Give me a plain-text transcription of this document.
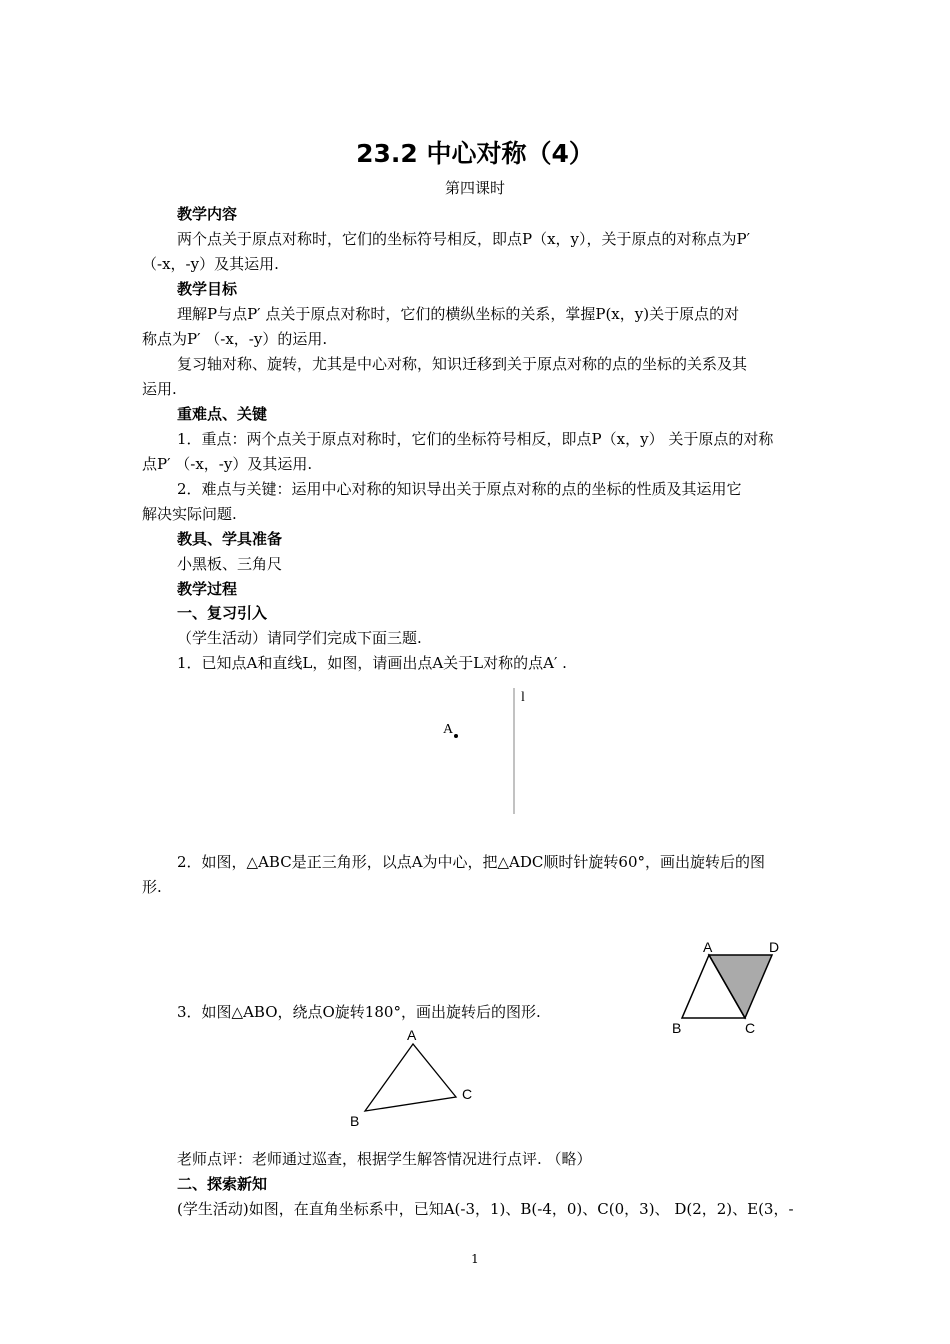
23.2 中心对称（4）
第四课时
教学内容
两个点关于原点对称时，它们的坐标符号相反，即点P（x，y），关于原点的对称点为P′
（-x，-y）及其运用.
教学目标
理解P与点P′ 点关于原点对称时，它们的横纵坐标的关系，掌握P(x，y)关于原点的对
称点为P′ （-x，-y）的运用.
复习轴对称、旋转，尤其是中心对称，知识迁移到关于原点对称的点的坐标的关系及其
运用.
重难点、关键
1．重点：两个点关于原点对称时，它们的坐标符号相反，即点P（x，y） 关于原点的对称
点P′ （-x，-y）及其运用.
2．难点与关键：运用中心对称的知识导出关于原点对称的点的坐标的性质及其运用它
解决实际问题.
教具、学具准备
小黑板、三角尺
教学过程
一、复习引入
（学生活动）请同学们完成下面三题.
1．已知点A和直线L，如图，请画出点A关于L对称的点A′ .
l
A
2．如图，△ABC是正三角形，以点A为中心，把△ADC顺时针旋转60°，画出旋转后的图
形.
A	D
B	C
3．如图△ABO，绕点O旋转180°，画出旋转后的图形.
A
B
C
老师点评：老师通过巡查，根据学生解答情况进行点评. （略）
二、探索新知
(学生活动)如图，在直角坐标系中，已知A(-3，1)、B(-4，0)、C(0，3)、 D(2，2)、E(3，-
1
